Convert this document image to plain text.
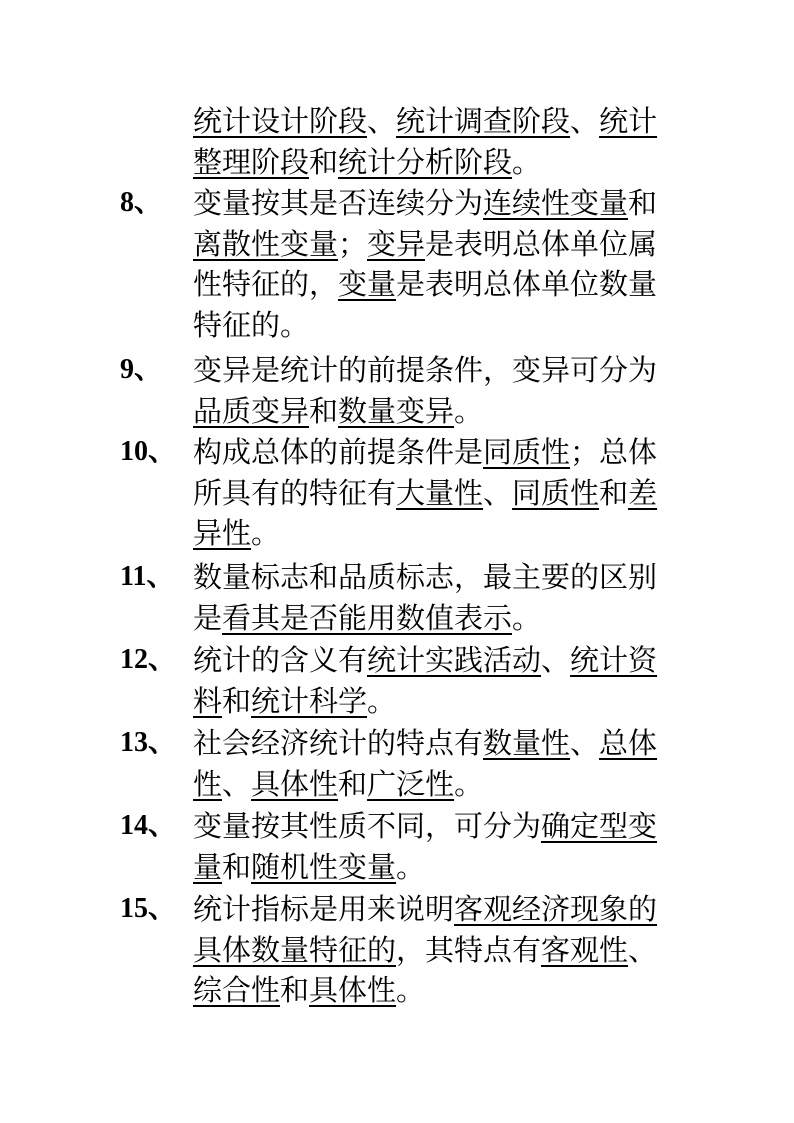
统计设计阶段、统计调查阶段、统计整理阶段和统计分析阶段。
8、 变量按其是否连续分为连续性变量和离散性变量；变异是表明总体单位属性特征的，变量是表明总体单位数量特征的。
9、 变异是统计的前提条件，变异可分为品质变异和数量变异。
10、 构成总体的前提条件是同质性；总体所具有的特征有大量性、同质性和差异性。
11、 数量标志和品质标志，最主要的区别是看其是否能用数值表示。
12、 统计的含义有统计实践活动、统计资料和统计科学。
13、 社会经济统计的特点有数量性、总体性、具体性和广泛性。
14、 变量按其性质不同，可分为确定型变量和随机性变量。
15、 统计指标是用来说明客观经济现象的具体数量特征的，其特点有客观性、综合性和具体性。
